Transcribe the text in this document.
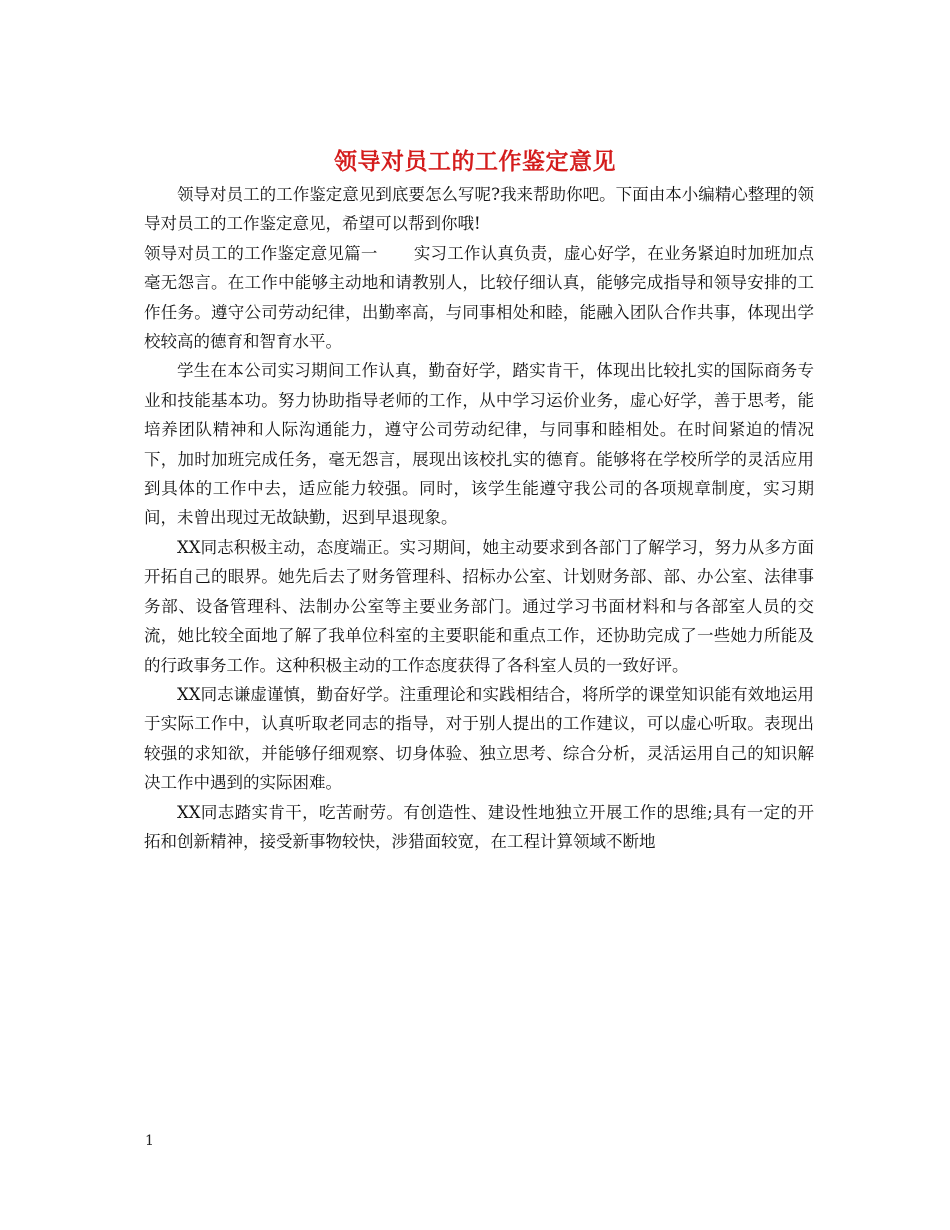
领导对员工的工作鉴定意见

领导对员工的工作鉴定意见到底要怎么写呢?我来帮助你吧。下面由本小编精心整理的领导对员工的工作鉴定意见，希望可以帮到你哦!

领导对员工的工作鉴定意见篇一 实习工作认真负责，虚心好学，在业务紧迫时加班加点毫无怨言。在工作中能够主动地和请教别人，比较仔细认真，能够完成指导和领导安排的工作任务。遵守公司劳动纪律，出勤率高，与同事相处和睦，能融入团队合作共事，体现出学校较高的德育和智育水平。

学生在本公司实习期间工作认真，勤奋好学，踏实肯干，体现出比较扎实的国际商务专业和技能基本功。努力协助指导老师的工作，从中学习运价业务，虚心好学，善于思考，能培养团队精神和人际沟通能力，遵守公司劳动纪律，与同事和睦相处。在时间紧迫的情况下，加时加班完成任务，毫无怨言，展现出该校扎实的德育。能够将在学校所学的灵活应用到具体的工作中去，适应能力较强。同时，该学生能遵守我公司的各项规章制度，实习期间，未曾出现过无故缺勤，迟到早退现象。

XX同志积极主动，态度端正。实习期间，她主动要求到各部门了解学习，努力从多方面开拓自己的眼界。她先后去了财务管理科、招标办公室、计划财务部、部、办公室、法律事务部、设备管理科、法制办公室等主要业务部门。通过学习书面材料和与各部室人员的交流，她比较全面地了解了我单位科室的主要职能和重点工作，还协助完成了一些她力所能及的行政事务工作。这种积极主动的工作态度获得了各科室人员的一致好评。

XX同志谦虚谨慎，勤奋好学。注重理论和实践相结合，将所学的课堂知识能有效地运用于实际工作中，认真听取老同志的指导，对于别人提出的工作建议，可以虚心听取。表现出较强的求知欲，并能够仔细观察、切身体验、独立思考、综合分析，灵活运用自己的知识解决工作中遇到的实际困难。

XX同志踏实肯干，吃苦耐劳。有创造性、建设性地独立开展工作的思维;具有一定的开拓和创新精神，接受新事物较快，涉猎面较宽，在工程计算领域不断地

1
